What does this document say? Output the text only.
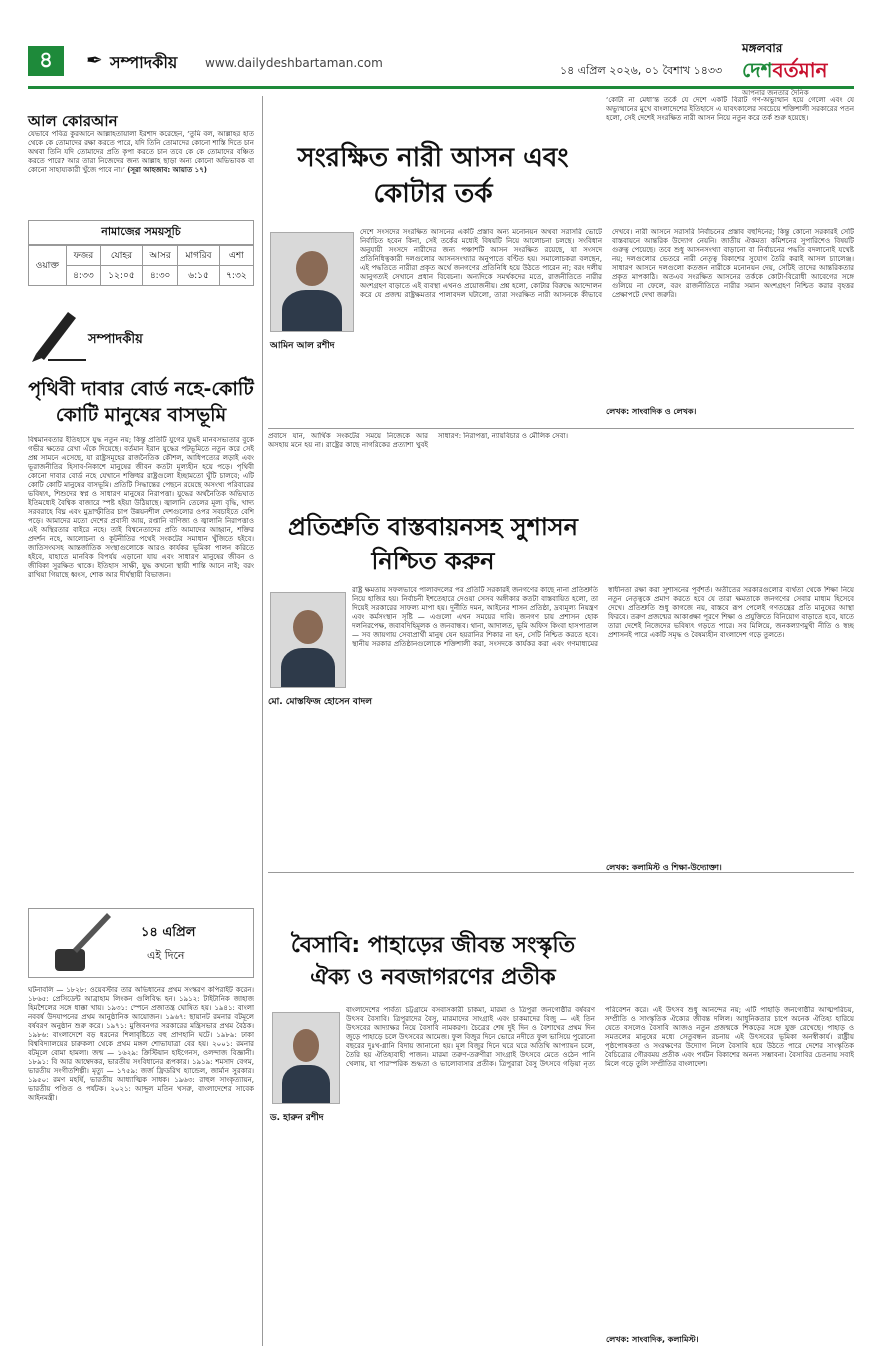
৪	✒ সম্পাদকীয় www.dailydeshbartaman.com
মঙ্গলবার
১৪ এপ্রিল ২০২৬, ০১ বৈশাখ ১৪৩৩ দেশবর্তমান
আপনার জনতার দৈনিক
আল কোরআন
যেভাবে পবিত্র কুরআনে আল্লাহতায়ালা ইরশাদ করেছেন, ‘তুমি বল, আল্লাহর হাত থেকে কে তোমাদের রক্ষা করতে পারে, যদি তিনি তোমাদের কোনো শাস্তি দিতে চান অথবা তিনি যদি তোমাদের প্রতি কৃপা করতে চান তবে কে কে তোমাদের বঞ্চিত করতে পারে? আর তারা নিজেদের জন্য আল্লাহ ছাড়া অন্য কোনো অভিভাবক বা কোনো সাহায্যকারী খুঁজে পাবে না।’ (সূরা আহজাব: আয়াত ১৭)
নামাজের সময়সূচি
ওয়াক্ত	ফজর	যোহর	আসর	মাগরিব	এশা
	৪:৩৩	১২:০৫	৪:৩০	৬:১৫	৭:৩২
সম্পাদকীয়
পৃথিবী দাবার বোর্ড নহে-কোটি কোটি মানুষের বাসভূমি
বিশ্বমানবতার ইতিহাসে যুদ্ধ নতুন নয়; কিন্তু প্রতিটি যুগের যুদ্ধই মানবসভ্যতার বুকে গভীর ক্ষতের রেখা এঁকে দিয়েছে। বর্তমান ইরান যুদ্ধের পটভূমিতে নতুন করে সেই প্রশ্ন সামনে এসেছে, যা রাষ্ট্রসমূহের রাজনৈতিক কৌশল, আধিপত্যের লড়াই এবং ভূরাজনীতির হিসাব-নিকাশে মানুষের জীবন কতটা মূল্যহীন হয়ে পড়ে। পৃথিবী কোনো দাবার বোর্ড নহে যেখানে শক্তিধর রাষ্ট্রগুলো ইচ্ছামতো ঘুঁটি চালবে; এটি কোটি কোটি মানুষের বাসভূমি। প্রতিটি সিদ্ধান্তের পেছনে রয়েছে অসংখ্য পরিবারের ভবিষ্যৎ, শিশুদের স্বপ্ন ও সাধারণ মানুষের নিরাপত্তা। যুদ্ধের অর্থনৈতিক অভিঘাত ইতিমধ্যেই বৈশ্বিক বাজারে স্পষ্ট হইয়া উঠিয়াছে। জ্বালানি তেলের মূল্য বৃদ্ধি, খাদ্য সরবরাহে বিঘ্ন এবং মুদ্রাস্ফীতির চাপ উন্নয়নশীল দেশগুলোর ওপর সবচাইতে বেশি পড়ে। আমাদের মতো দেশের প্রবাসী আয়, রপ্তানি বাণিজ্য ও জ্বালানি নিরাপত্তাও এই অস্থিরতার বাইরে নহে। তাই বিশ্বনেতাদের প্রতি আমাদের আহ্বান, শক্তির প্রদর্শন নহে, আলোচনা ও কূটনীতির পথেই সংকটের সমাধান খুঁজিতে হইবে। জাতিসংঘসহ আন্তর্জাতিক সংস্থাগুলোকে আরও কার্যকর ভূমিকা পালন করিতে হইবে, যাহাতে মানবিক বিপর্যয় এড়ানো যায় এবং সাধারণ মানুষের জীবন ও জীবিকা সুরক্ষিত থাকে। ইতিহাস সাক্ষী, যুদ্ধ কখনো স্থায়ী শান্তি আনে নাই; বরং রাখিয়া গিয়াছে ধ্বংস, শোক আর দীর্ঘস্থায়ী বিভাজন।
১৪ এপ্রিল
এই দিনে
ঘটনাবলি — ১৮২৮: ওয়েবস্টার তার অভিধানের প্রথম সংস্করণ কপিরাইট করেন। ১৮৬৫: প্রেসিডেন্ট আব্রাহাম লিংকন গুলিবিদ্ধ হন। ১৯১২: টাইটানিক জাহাজ হিমশৈলের সঙ্গে ধাক্কা খায়। ১৯৩১: স্পেনে প্রজাতন্ত্র ঘোষিত হয়। ১৯৪১: বাংলা নববর্ষ উদযাপনের প্রথম আনুষ্ঠানিক আয়োজন। ১৯৬৭: ছায়ানট রমনার বটমূলে বর্ষবরণ অনুষ্ঠান শুরু করে। ১৯৭১: মুজিবনগর সরকারের মন্ত্রিসভার প্রথম বৈঠক। ১৯৮৬: বাংলাদেশে বড় ধরনের শিলাবৃষ্টিতে বহু প্রাণহানি ঘটে। ১৯৮৯: ঢাকা বিশ্ববিদ্যালয়ের চারুকলা থেকে প্রথম মঙ্গল শোভাযাত্রা বের হয়। ২০০১: রমনার বটমূলে বোমা হামলা। জন্ম — ১৬২৯: ক্রিস্টিয়ান হাইগেনস, ওলন্দাজ বিজ্ঞানী। ১৮৯১: বি আর আম্বেদকর, ভারতীয় সংবিধানের রূপকার। ১৯১৯: শমসাদ বেগম, ভারতীয় সংগীতশিল্পী। মৃত্যু — ১৭৫৯: জর্জ ফ্রিডরিখ হ্যান্ডেল, জার্মান সুরকার। ১৯৫০: রমণ মহর্ষি, ভারতীয় আধ্যাত্মিক সাধক। ১৯৬৩: রাহুল সাংকৃত্যায়ন, ভারতীয় পণ্ডিত ও পর্যটক। ২০২১: আব্দুল মতিন খসরু, বাংলাদেশের সাবেক আইনমন্ত্রী।
সংরক্ষিত নারী আসন এবং কোটার তর্ক
‘কোটা না মেধা’ন্ত তর্কে যে দেশে একটি বিরাট গণ-অভ্যুত্থান হয়ে গেলো এবং যে অভ্যুত্থানের মুখে বাংলাদেশের ইতিহাসে এ যাবৎকালের সবচেয়ে শক্তিশালী সরকারের পতন হলো, সেই দেশেই সংরক্ষিত নারী আসন নিয়ে নতুন করে তর্ক শুরু হয়েছে।
আমিন আল রশীদ
দেশে সংসদের সংরক্ষিত আসনের একটি প্রস্তাব অন্য মনোনয়ন অথবা সরাসরি ভোটে নির্বাচিত হবেন কিনা, সেই তর্কের মধ্যেই বিষয়টি নিয়ে আলোচনা চলছে। সংবিধান অনুযায়ী সংসদে নারীদের জন্য পঞ্চাশটি আসন সংরক্ষিত রয়েছে, যা সংসদে প্রতিনিধিত্বকারী দলগুলোর আসনসংখ্যার অনুপাতে বণ্টিত হয়। সমালোচকরা বলছেন, এই পদ্ধতিতে নারীরা প্রকৃত অর্থে জনগণের প্রতিনিধি হয়ে উঠতে পারেন না; বরং দলীয় আনুগত্যই সেখানে প্রধান বিবেচনা। অন্যদিকে সমর্থকদের মতে, রাজনীতিতে নারীর অংশগ্রহণ বাড়াতে এই ব্যবস্থা এখনও প্রয়োজনীয়। প্রশ্ন হলো, কোটার বিরুদ্ধে আন্দোলন করে যে প্রজন্ম রাষ্ট্রক্ষমতার পালাবদল ঘটালো, তারা সংরক্ষিত নারী আসনকে কীভাবে দেখবে। নারী আসনে সরাসরি নির্বাচনের প্রস্তাব বহুদিনের; কিন্তু কোনো সরকারই সেটি বাস্তবায়নে আন্তরিক উদ্যোগ নেয়নি। জাতীয় ঐকমত্য কমিশনের সুপারিশেও বিষয়টি গুরুত্ব পেয়েছে। তবে শুধু আসনসংখ্যা বাড়ানো বা নির্বাচনের পদ্ধতি বদলানোই যথেষ্ট নয়; দলগুলোর ভেতরে নারী নেতৃত্ব বিকাশের সুযোগ তৈরি করাই আসল চ্যালেঞ্জ। সাধারণ আসনে দলগুলো কতজন নারীকে মনোনয়ন দেয়, সেটিই তাদের আন্তরিকতার প্রকৃত মাপকাঠি। অতএব সংরক্ষিত আসনের তর্ককে কোটা-বিরোধী আবেগের সঙ্গে গুলিয়ে না ফেলে, বরং রাজনীতিতে নারীর সমান অংশগ্রহণ নিশ্চিত করার বৃহত্তর প্রেক্ষাপটে দেখা জরুরি।
লেখক: সাংবাদিক ও লেখক।
প্রতিশ্রুতি বাস্তবায়নসহ সুশাসন নিশ্চিত করুন
প্রবাসে যান, আর্থিক সংকটের সময়ে নিজেকে আর অসহায় মনে হয় না। রাষ্ট্রের কাছে নাগরিকের প্রত্যাশা খুবই সাধারণ: নিরাপত্তা, ন্যায়বিচার ও মৌলিক সেবা।
মো. মোস্তফিজ হোসেন বাদল
রাষ্ট্র ক্ষমতায় সফলভাবে পালাবদলের পর প্রতিটি সরকারই জনগণের কাছে নানা প্রতিশ্রুতি নিয়ে হাজির হয়। নির্বাচনী ইশতেহারে দেওয়া সেসব অঙ্গীকার কতটা বাস্তবায়িত হলো, তা দিয়েই সরকারের সাফল্য মাপা হয়। দুর্নীতি দমন, আইনের শাসন প্রতিষ্ঠা, দ্রব্যমূল্য নিয়ন্ত্রণ এবং কর্মসংস্থান সৃষ্টি — এগুলো এখন সময়ের দাবি। জনগণ চায় প্রশাসন হোক দলনিরপেক্ষ, জবাবদিহিমূলক ও জনবান্ধব। থানা, আদালত, ভূমি অফিস কিংবা হাসপাতাল — সব জায়গায় সেবাপ্রার্থী মানুষ যেন হয়রানির শিকার না হন, সেটি নিশ্চিত করতে হবে। স্থানীয় সরকার প্রতিষ্ঠানগুলোকে শক্তিশালী করা, সংসদকে কার্যকর করা এবং গণমাধ্যমের স্বাধীনতা রক্ষা করা সুশাসনের পূর্বশর্ত। অতীতের সরকারগুলোর ব্যর্থতা থেকে শিক্ষা নিয়ে নতুন নেতৃত্বকে প্রমাণ করতে হবে যে তারা ক্ষমতাকে জনগণের সেবার মাধ্যম হিসেবে দেখে। প্রতিশ্রুতি শুধু কাগজে নয়, বাস্তবে রূপ পেলেই গণতন্ত্রের প্রতি মানুষের আস্থা ফিরবে। তরুণ প্রজন্মের আকাঙ্ক্ষা পূরণে শিক্ষা ও প্রযুক্তিতে বিনিয়োগ বাড়াতে হবে, যাতে তারা দেশেই নিজেদের ভবিষ্যৎ গড়তে পারে। সব মিলিয়ে, জনকল্যাণমুখী নীতি ও স্বচ্ছ প্রশাসনই পারে একটি সমৃদ্ধ ও বৈষম্যহীন বাংলাদেশ গড়ে তুলতে।
লেখক: কলামিস্ট ও শিক্ষা-উদ্যোক্তা।
বৈসাবি: পাহাড়ের জীবন্ত সংস্কৃতি ঐক্য ও নবজাগরণের প্রতীক
ড. হারুন রশীদ
বাংলাদেশের পার্বত্য চট্টগ্রামে বসবাসকারী চাকমা, মারমা ও ত্রিপুরা জনগোষ্ঠীর বর্ষবরণ উৎসব বৈসাবি। ত্রিপুরাদের বৈসু, মারমাদের সাংগ্রাই এবং চাকমাদের বিজু — এই তিন উৎসবের আদ্যাক্ষর নিয়ে বৈসাবি নামকরণ। চৈত্রের শেষ দুই দিন ও বৈশাখের প্রথম দিন জুড়ে পাহাড়ে চলে উৎসবের আমেজ। ফুল বিজুর দিনে ভোরে নদীতে ফুল ভাসিয়ে পুরোনো বছরের দুঃখ-গ্লানি বিদায় জানানো হয়। মূল বিজুর দিনে ঘরে ঘরে অতিথি আপ্যায়ন চলে, তৈরি হয় ঐতিহ্যবাহী পাজন। মারমা তরুণ-তরুণীরা সাংগ্রাই উৎসবে মেতে ওঠেন পানি খেলায়, যা পারস্পরিক শুদ্ধতা ও ভালোবাসার প্রতীক। ত্রিপুরারা বৈসু উৎসবে গড়িয়া নৃত্য পরিবেশন করে। এই উৎসব শুধু আনন্দের নয়; এটি পাহাড়ি জনগোষ্ঠীর আত্মপরিচয়, সম্প্রীতি ও সাংস্কৃতিক ঐক্যের জীবন্ত দলিল। আধুনিকতার চাপে অনেক ঐতিহ্য হারিয়ে যেতে বসলেও বৈসাবি আজও নতুন প্রজন্মকে শিকড়ের সঙ্গে যুক্ত রেখেছে। পাহাড় ও সমতলের মানুষের মধ্যে সেতুবন্ধন রচনায় এই উৎসবের ভূমিকা অনস্বীকার্য। রাষ্ট্রীয় পৃষ্ঠপোষকতা ও সংরক্ষণের উদ্যোগ নিলে বৈসাবি হয়ে উঠতে পারে দেশের সাংস্কৃতিক বৈচিত্র্যের গৌরবময় প্রতীক এবং পর্যটন বিকাশের অনন্য সম্ভাবনা। বৈসাবির চেতনায় সবাই মিলে গড়ে তুলি সম্প্রীতির বাংলাদেশ।
লেখক: সাংবাদিক, কলামিস্ট।
